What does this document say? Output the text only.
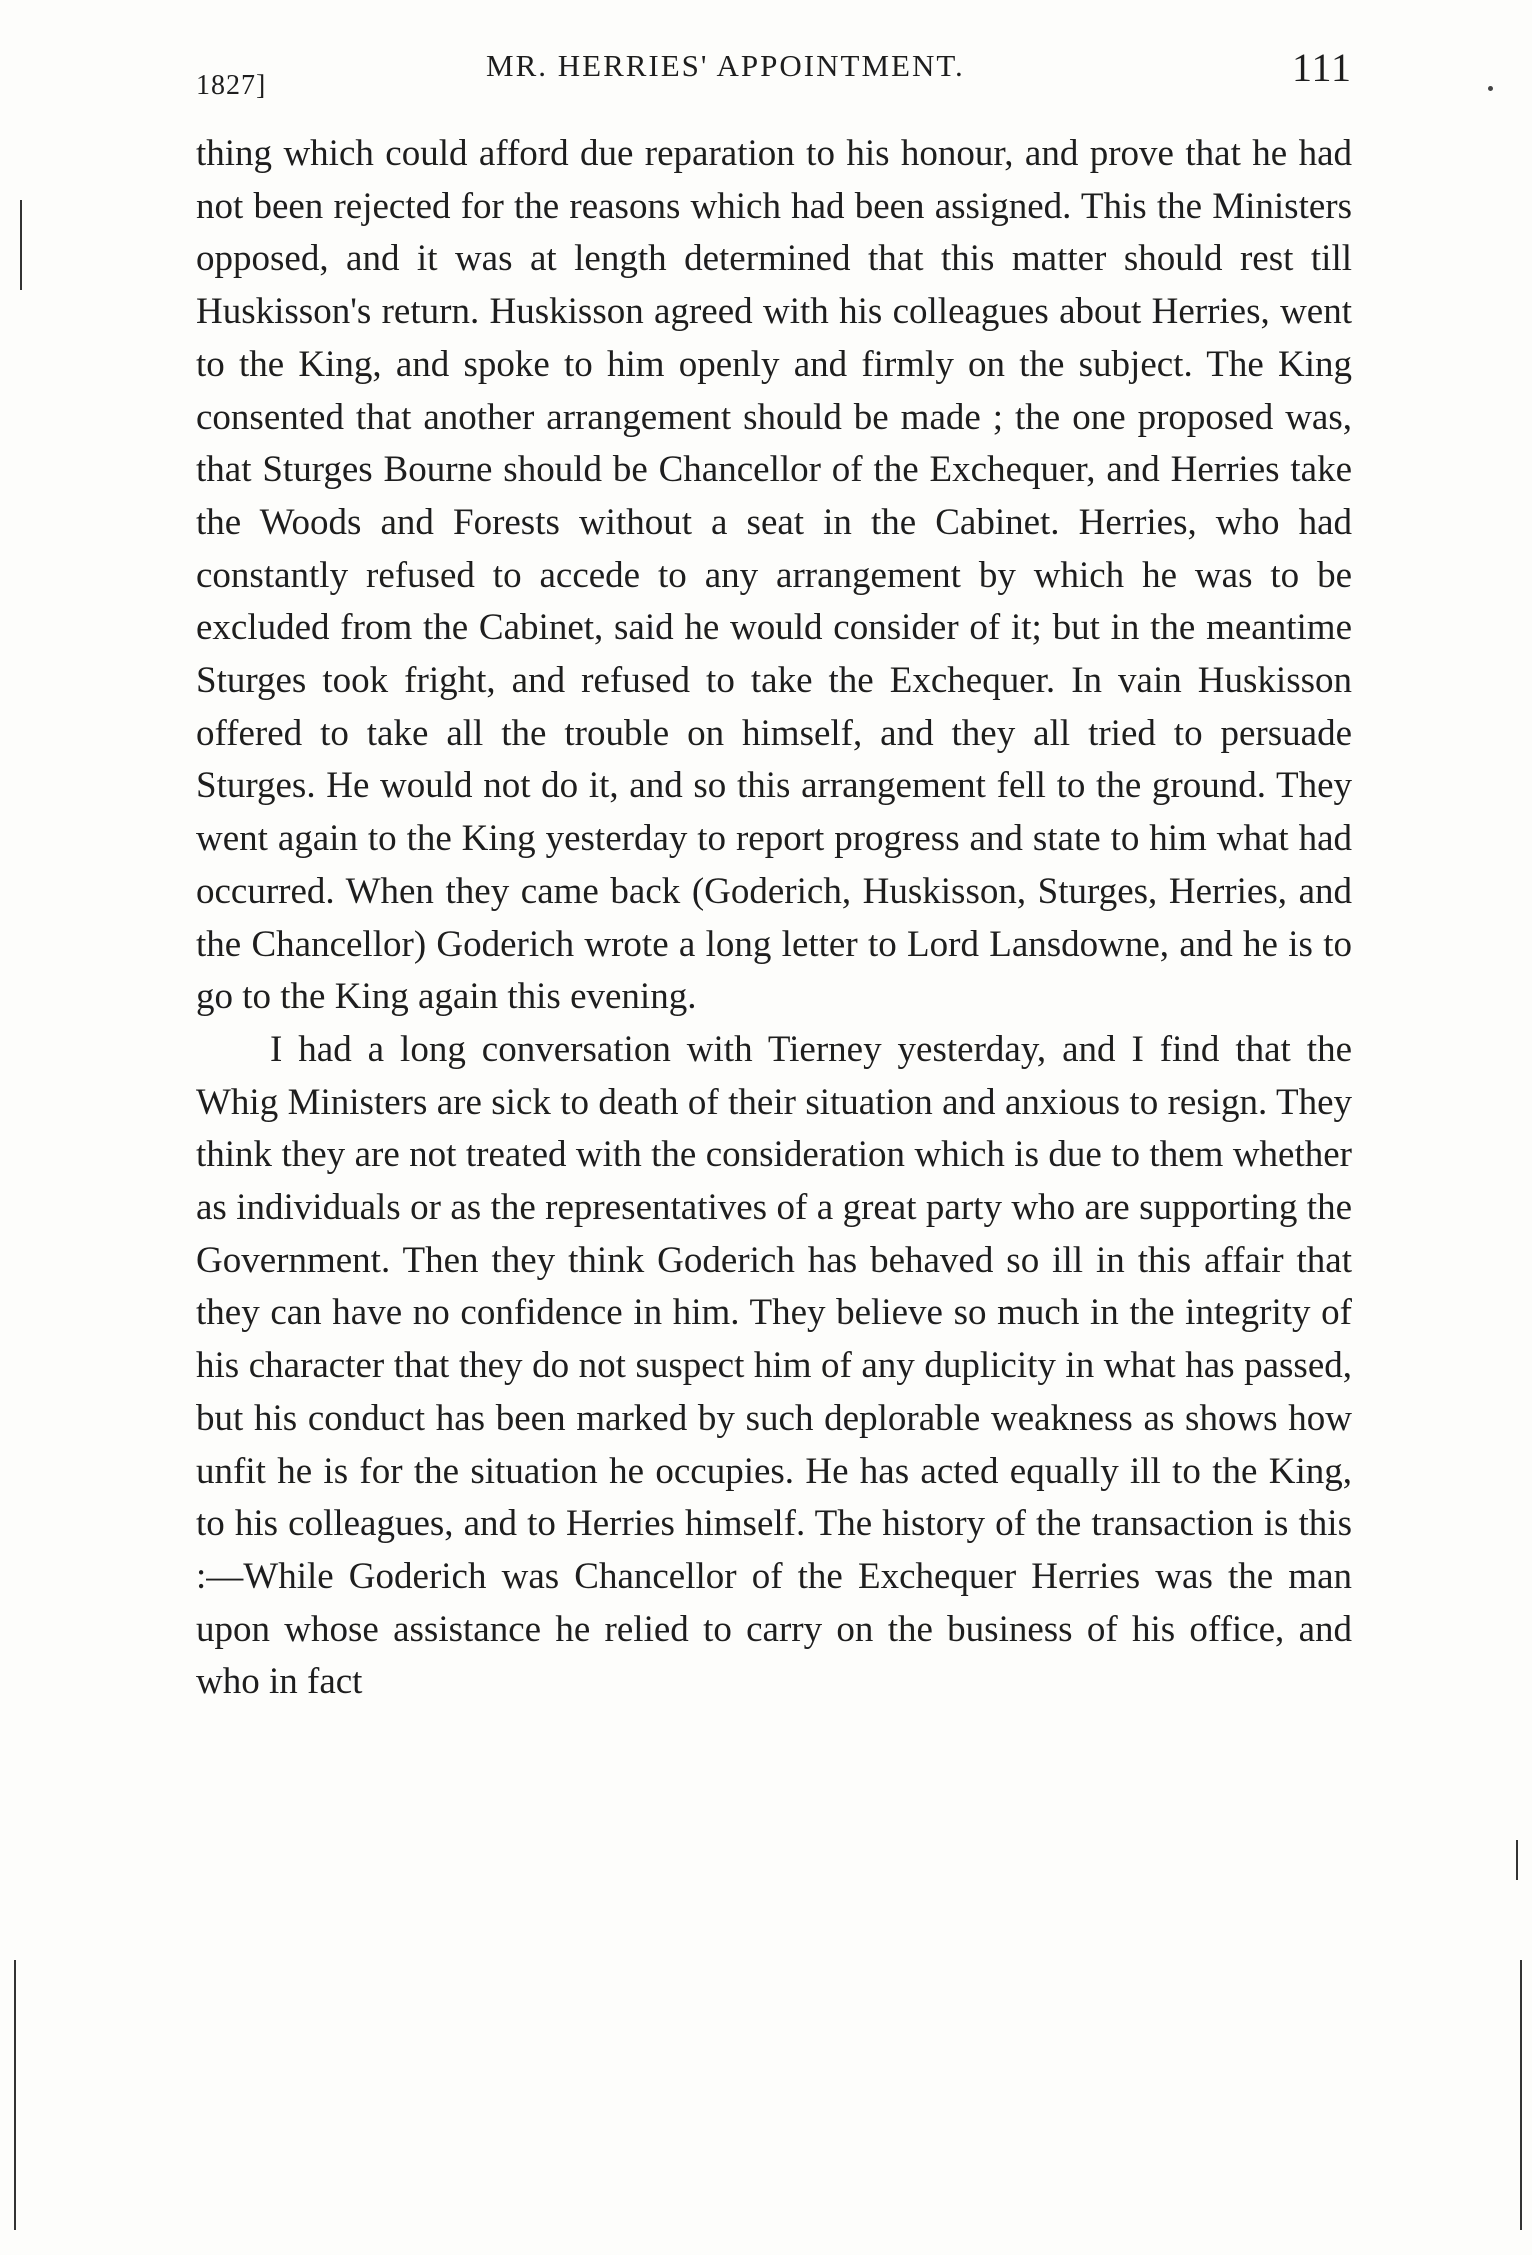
1827]
MR. HERRIES' APPOINTMENT.	111

thing which could afford due reparation to his honour, and prove that he had not been rejected for the reasons which had been assigned. This the Ministers opposed, and it was at length determined that this matter should rest till Huskisson's return. Huskisson agreed with his colleagues about Herries, went to the King, and spoke to him openly and firmly on the subject. The King consented that another arrangement should be made ; the one proposed was, that Sturges Bourne should be Chancellor of the Exchequer, and Herries take the Woods and Forests without a seat in the Cabinet. Herries, who had constantly refused to accede to any arrangement by which he was to be excluded from the Cabinet, said he would consider of it; but in the meantime Sturges took fright, and refused to take the Exchequer. In vain Huskisson offered to take all the trouble on himself, and they all tried to persuade Sturges. He would not do it, and so this arrangement fell to the ground. They went again to the King yesterday to report progress and state to him what had occurred. When they came back (Goderich, Huskisson, Sturges, Herries, and the Chancellor) Goderich wrote a long letter to Lord Lansdowne, and he is to go to the King again this evening.

I had a long conversation with Tierney yesterday, and I find that the Whig Ministers are sick to death of their situation and anxious to resign. They think they are not treated with the consideration which is due to them whether as individuals or as the representatives of a great party who are supporting the Government. Then they think Goderich has behaved so ill in this affair that they can have no confidence in him. They believe so much in the integrity of his character that they do not suspect him of any duplicity in what has passed, but his conduct has been marked by such deplorable weakness as shows how unfit he is for the situation he occupies. He has acted equally ill to the King, to his colleagues, and to Herries himself. The history of the transaction is this :—While Goderich was Chancellor of the Exchequer Herries was the man upon whose assistance he relied to carry on the business of his office, and who in fact
